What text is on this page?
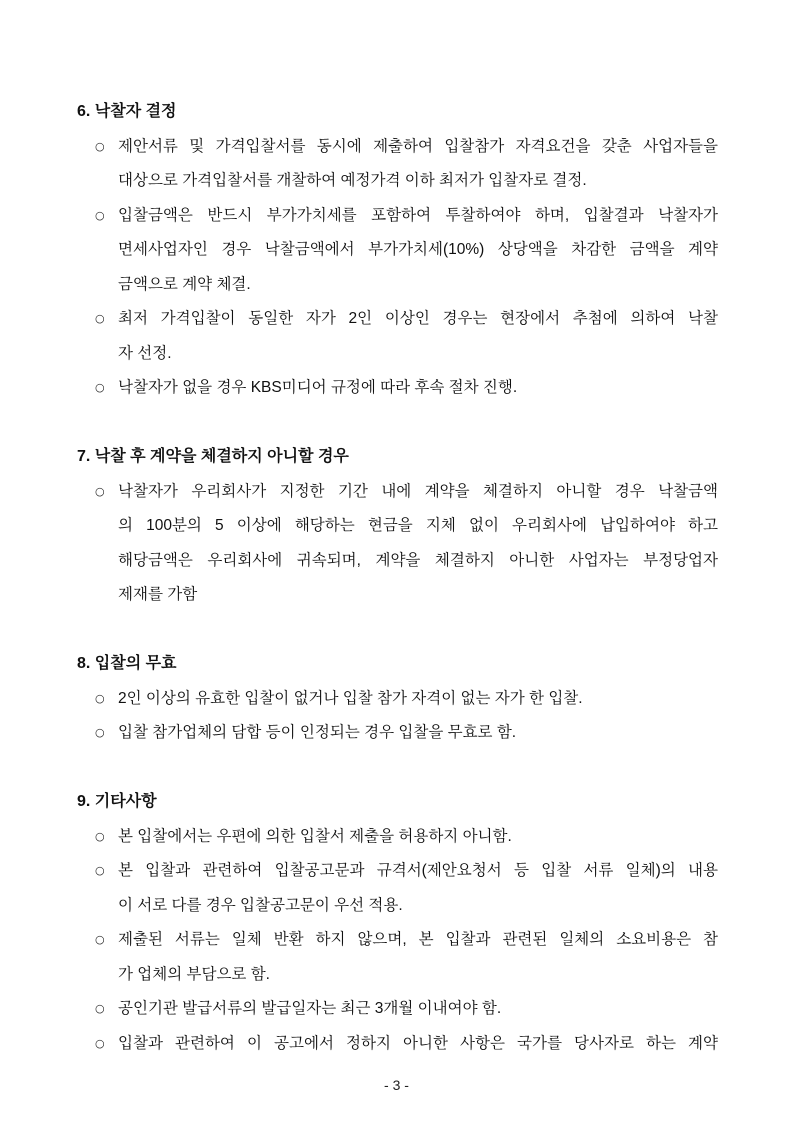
6. 낙찰자 결정
○ 제안서류 및 가격입찰서를 동시에 제출하여 입찰참가 자격요건을 갖춘 사업자들을
대상으로 가격입찰서를 개찰하여 예정가격 이하 최저가 입찰자로 결정.
○ 입찰금액은 반드시 부가가치세를 포함하여 투찰하여야 하며, 입찰결과 낙찰자가
면세사업자인 경우 낙찰금액에서 부가가치세(10%) 상당액을 차감한 금액을 계약
금액으로 계약 체결.
○ 최저 가격입찰이 동일한 자가 2인 이상인 경우는 현장에서 추첨에 의하여 낙찰
자 선정.
○ 낙찰자가 없을 경우 KBS미디어 규정에 따라 후속 절차 진행.
7. 낙찰 후 계약을 체결하지 아니할 경우
○ 낙찰자가 우리회사가 지정한 기간 내에 계약을 체결하지 아니할 경우 낙찰금액
의 100분의 5 이상에 해당하는 현금을 지체 없이 우리회사에 납입하여야 하고
해당금액은 우리회사에 귀속되며, 계약을 체결하지 아니한 사업자는 부정당업자
제재를 가함
8. 입찰의 무효
○ 2인 이상의 유효한 입찰이 없거나 입찰 참가 자격이 없는 자가 한 입찰.
○ 입찰 참가업체의 담합 등이 인정되는 경우 입찰을 무효로 함.
9. 기타사항
○ 본 입찰에서는 우편에 의한 입찰서 제출을 허용하지 아니함.
○ 본 입찰과 관련하여 입찰공고문과 규격서(제안요청서 등 입찰 서류 일체)의 내용
이 서로 다를 경우 입찰공고문이 우선 적용.
○ 제출된 서류는 일체 반환 하지 않으며, 본 입찰과 관련된 일체의 소요비용은 참
가 업체의 부담으로 함.
○ 공인기관 발급서류의 발급일자는 최근 3개월 이내여야 함.
○ 입찰과 관련하여 이 공고에서 정하지 아니한 사항은 국가를 당사자로 하는 계약
- 3 -
